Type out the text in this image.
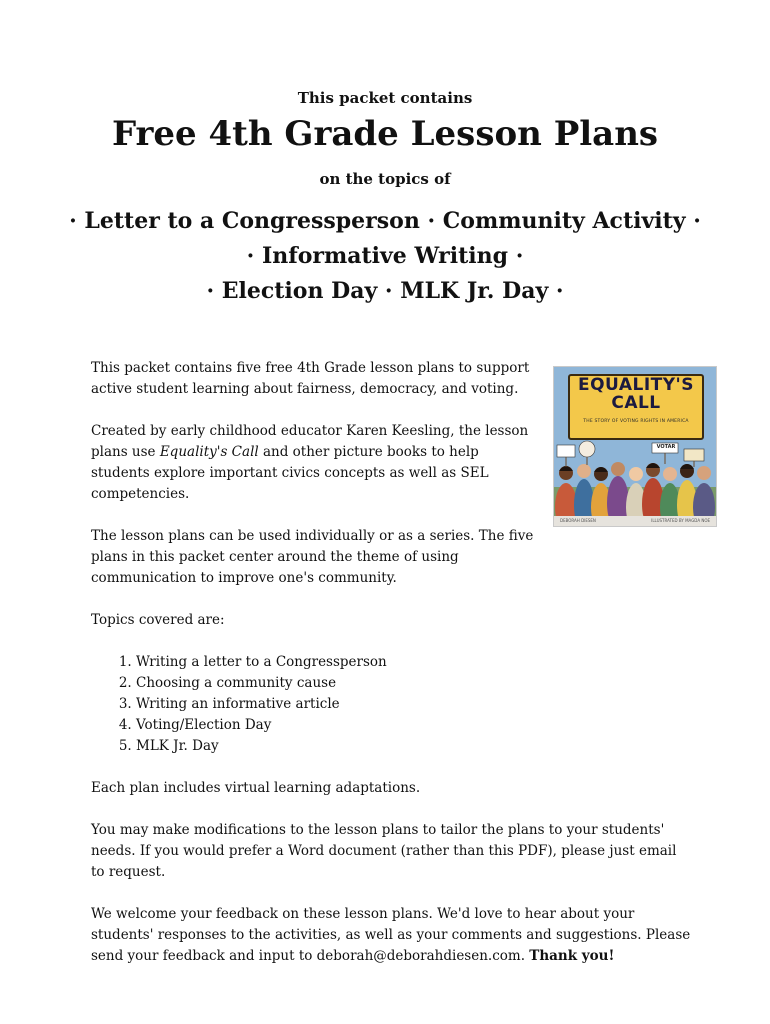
This packet contains
Free 4th Grade Lesson Plans
on the topics of
· Letter to a Congressperson · Community Activity ·
· Informative Writing ·
· Election Day · MLK Jr. Day ·
EQUALITY'S
CALL
THE STORY OF VOTING RIGHTS IN AMERICA
VOTAR
DEBORAH DIESEN	ILLUSTRATED BY MAGDA NOE

This packet contains five free 4th Grade lesson plans to support active student learning about fairness, democracy, and voting.

Created by early childhood educator Karen Keesling, the lesson plans use Equality's Call and other picture books to help students explore important civics concepts as well as SEL competencies.

The lesson plans can be used individually or as a series. The five plans in this packet center around the theme of using communication to improve one's community.

Topics covered are:

1. Writing a letter to a Congressperson
2. Choosing a community cause
3. Writing an informative article
4. Voting/Election Day
5. MLK Jr. Day

Each plan includes virtual learning adaptations.

You may make modifications to the lesson plans to tailor the plans to your students' needs. If you would prefer a Word document (rather than this PDF), please just email to request.

We welcome your feedback on these lesson plans. We'd love to hear about your students' responses to the activities, as well as your comments and suggestions. Please send your feedback and input to deborah@deborahdiesen.com. Thank you!
